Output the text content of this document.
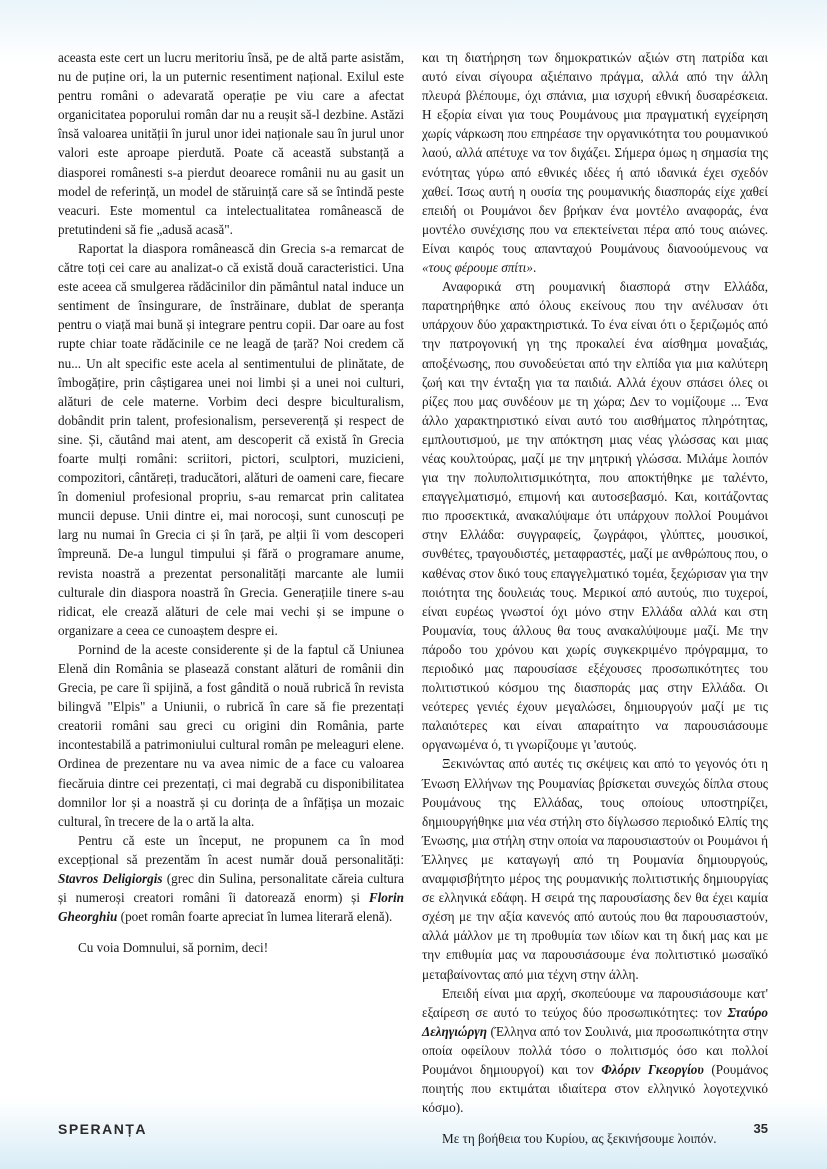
aceasta este cert un lucru meritoriu însă, pe de altă parte asistăm, nu de puține ori, la un puternic resentiment național. Exilul este pentru români o adevarată operație pe viu care a afectat organicitatea poporului român dar nu a reușit să-l dezbine. Astăzi însă valoarea unității în jurul unor idei naționale sau în jurul unor valori este aproape pierdută. Poate că această substanță a diasporei românesti s-a pierdut deoarece românii nu au gasit un model de referință, un model de stăruință care să se întindă peste veacuri. Este momentul ca intelectualitatea românească de pretutindeni să fie „adusă acasă".

Raportat la diaspora românească din Grecia s-a remarcat de către toți cei care au analizat-o că există două caracteristici. Una este aceea că smulgerea rădăcinilor din pământul natal induce un sentiment de însingurare, de înstrăinare, dublat de speranța pentru o viață mai bună și integrare pentru copii. Dar oare au fost rupte chiar toate rădăcinile ce ne leagă de țară? Noi credem că nu... Un alt specific este acela al sentimentului de plinătate, de îmbogățire, prin câștigarea unei noi limbi și a unei noi culturi, alături de cele materne. Vorbim deci despre biculturalism, dobândit prin talent, profesionalism, perseverență și respect de sine. Și, căutând mai atent, am descoperit că există în Grecia foarte mulți români: scriitori, pictori, sculptori, muzicieni, compozitori, cântăreți, traducători, alături de oameni care, fiecare în domeniul profesional propriu, s-au remarcat prin calitatea muncii depuse. Unii dintre ei, mai norocoși, sunt cunoscuți pe larg nu numai în Grecia ci și în țară, pe alții îi vom descoperi împreună. De-a lungul timpului și fără o programare anume, revista noastră a prezentat personalități marcante ale lumii culturale din diaspora noastră în Grecia. Generațiile tinere s-au ridicat, ele crează alături de cele mai vechi și se impune o organizare a ceea ce cunoaștem despre ei.

Pornind de la aceste considerente și de la faptul că Uniunea Elenă din România se plasează constant alături de românii din Grecia, pe care îi spijină, a fost gândită o nouă rubrică în revista bilingvă "Elpis" a Uniunii, o rubrică în care să fie prezentați creatorii români sau greci cu origini din România, parte incontestabilă a patrimoniului cultural român pe meleaguri elene. Ordinea de prezentare nu va avea nimic de a face cu valoarea fiecăruia dintre cei prezentați, ci mai degrabă cu disponibilitatea domnilor lor și a noastră și cu dorința de a înfățișa un mozaic cultural, în trecere de la o artă la alta.

Pentru că este un început, ne propunem ca în mod excepțional să prezentăm în acest număr două personalități: Stavros Deligiorgis (grec din Sulina, personalitate căreia cultura și numeroși creatori români îi datorează enorm) și Florin Gheorghiu (poet român foarte apreciat în lumea literară elenă).

Cu voia Domnului, să pornim, deci!

και τη διατήρηση των δημοκρατικών αξιών στη πατρίδα και αυτό είναι σίγουρα αξιέπαινο πράγμα, αλλά από την άλλη πλευρά βλέπουμε, όχι σπάνια, μια ισχυρή εθνική δυσαρέσκεια. Η εξορία είναι για τους Ρουμάνους μια πραγματική εγχείρηση χωρίς νάρκωση που επηρέασε την οργανικότητα του ρουμανικού λαού, αλλά απέτυχε να τον διχάζει. Σήμερα όμως η σημασία της ενότητας γύρω από εθνικές ιδέες ή από ιδανικά έχει σχεδόν χαθεί. Ίσως αυτή η ουσία της ρουμανικής διασποράς είχε χαθεί επειδή οι Ρουμάνοι δεν βρήκαν ένα μοντέλο αναφοράς, ένα μοντέλο συνέχισης που να επεκτείνεται πέρα από τους αιώνες. Είναι καιρός τους απανταχού Ρουμάνους διανοούμενους να «τους φέρουμε σπίτι».

Αναφορικά στη ρουμανική διασπορά στην Ελλάδα, παρατηρήθηκε από όλους εκείνους που την ανέλυσαν ότι υπάρχουν δύο χαρακτηριστικά. Το ένα είναι ότι ο ξεριζωμός από την πατρογονική γη της προκαλεί ένα αίσθημα μοναξιάς, αποξένωσης, που συνοδεύεται από την ελπίδα για μια καλύτερη ζωή και την ένταξη για τα παιδιά. Αλλά έχουν σπάσει όλες οι ρίζες που μας συνδέουν με τη χώρα; Δεν το νομίζουμε ... Ένα άλλο χαρακτηριστικό είναι αυτό του αισθήματος πληρότητας, εμπλουτισμού, με την απόκτηση μιας νέας γλώσσας και μιας νέας κουλτούρας, μαζί με την μητρική γλώσσα. Μιλάμε λοιπόν για την πολυπολιτισμικότητα, που αποκτήθηκε με ταλέντο, επαγγελματισμό, επιμονή και αυτοσεβασμό. Και, κοιτάζοντας πιο προσεκτικά, ανακαλύψαμε ότι υπάρχουν πολλοί Ρουμάνοι στην Ελλάδα: συγγραφείς, ζωγράφοι, γλύπτες, μουσικοί, συνθέτες, τραγουδιστές, μεταφραστές, μαζί με ανθρώπους που, ο καθένας στον δικό τους επαγγελματικό τομέα, ξεχώρισαν για την ποιότητα της δουλειάς τους. Μερικοί από αυτούς, πιο τυχεροί, είναι ευρέως γνωστοί όχι μόνο στην Ελλάδα αλλά και στη Ρουμανία, τους άλλους θα τους ανακαλύψουμε μαζί. Με την πάροδο του χρόνου και χωρίς συγκεκριμένο πρόγραμμα, το περιοδικό μας παρουσίασε εξέχουσες προσωπικότητες του πολιτιστικού κόσμου της διασποράς μας στην Ελλάδα. Οι νεότερες γενιές έχουν μεγαλώσει, δημιουργούν μαζί με τις παλαιότερες και είναι απαραίτητο να παρουσιάσουμε οργανωμένα ό, τι γνωρίζουμε γι 'αυτούς.

Ξεκινώντας από αυτές τις σκέψεις και από το γεγονός ότι η Ένωση Ελλήνων της Ρουμανίας βρίσκεται συνεχώς δίπλα στους Ρουμάνους της Ελλάδας, τους οποίους υποστηρίζει, δημιουργήθηκε μια νέα στήλη στο δίγλωσσο περιοδικό Ελπίς της Ένωσης, μια στήλη στην οποία να παρουσιαστούν οι Ρουμάνοι ή Έλληνες με καταγωγή από τη Ρουμανία δημιουργούς, αναμφισβήτητο μέρος της ρουμανικής πολιτιστικής δημιουργίας σε ελληνικά εδάφη. Η σειρά της παρουσίασης δεν θα έχει καμία σχέση με την αξία κανενός από αυτούς που θα παρουσιαστούν, αλλά μάλλον με τη προθυμία των ιδίων και τη δική μας και με την επιθυμία μας να παρουσιάσουμε ένα πολιτιστικό μωσαϊκό μεταβαίνοντας από μια τέχνη στην άλλη.

Επειδή είναι μια αρχή, σκοπεύουμε να παρουσιάσουμε κατ' εξαίρεση σε αυτό το τεύχος δύο προσωπικότητες: τον Σταύρο Δεληγιώργη (Έλληνα από τον Σουλινά, μια προσωπικότητα στην οποία οφείλουν πολλά τόσο ο πολιτισμός όσο και πολλοί Ρουμάνοι δημιουργοί) και τον Φλόριν Γκεοργίου (Ρουμάνος ποιητής που εκτιμάται ιδιαίτερα στον ελληνικό λογοτεχνικό κόσμο).

Με τη βοήθεια του Κυρίου, ας ξεκινήσουμε λοιπόν.

SPERANȚA	35
